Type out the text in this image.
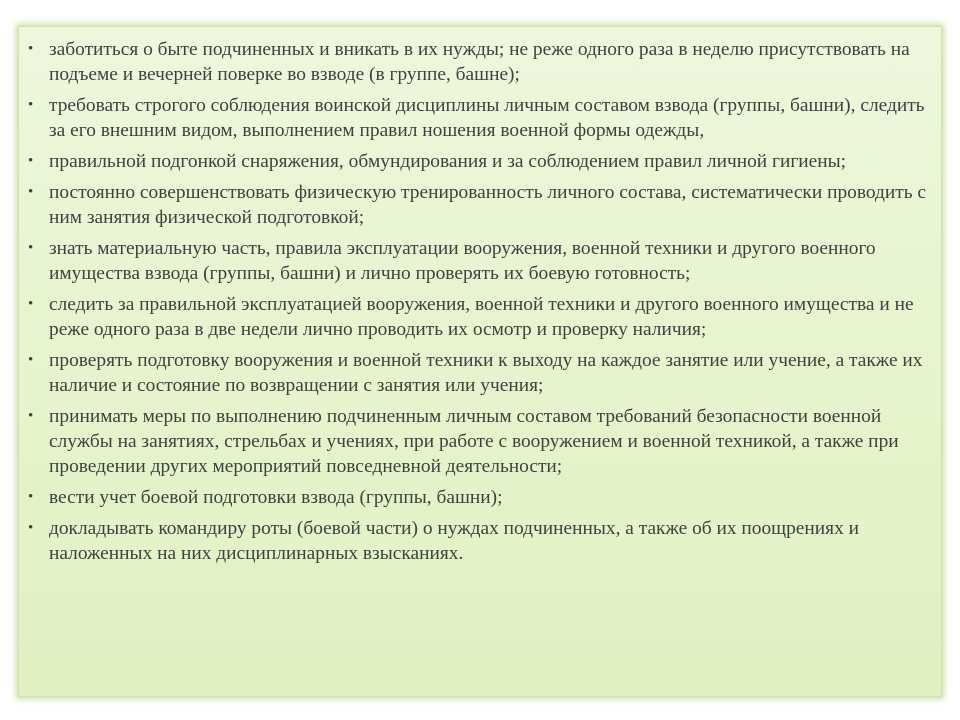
• заботиться о быте подчиненных и вникать в их нужды; не реже одного раза в неделю присутствовать на подъеме и вечерней поверке во взводе (в группе, башне);
• требовать строгого соблюдения воинской дисциплины личным составом взвода (группы, башни), следить за его внешним видом, выполнением правил ношения военной формы одежды,
• правильной подгонкой снаряжения, обмундирования и за соблюдением правил личной гигиены;
• постоянно совершенствовать физическую тренированность личного состава, систематически проводить с ним занятия физической подготовкой;
• знать материальную часть, правила эксплуатации вооружения, военной техники и другого военного имущества взвода (группы, башни) и лично проверять их боевую готовность;
• следить за правильной эксплуатацией вооружения, военной техники и другого военного имущества и не реже одного раза в две недели лично проводить их осмотр и проверку наличия;
• проверять подготовку вооружения и военной техники к выходу на каждое занятие или учение, а также их наличие и состояние по возвращении с занятия или учения;
• принимать меры по выполнению подчиненным личным составом требований безопасности военной службы на занятиях, стрельбах и учениях, при работе с вооружением и военной техникой, а также при проведении других мероприятий повседневной деятельности;
• вести учет боевой подготовки взвода (группы, башни);
• докладывать командиру роты (боевой части) о нуждах подчиненных, а также об их поощрениях и наложенных на них дисциплинарных взысканиях.
